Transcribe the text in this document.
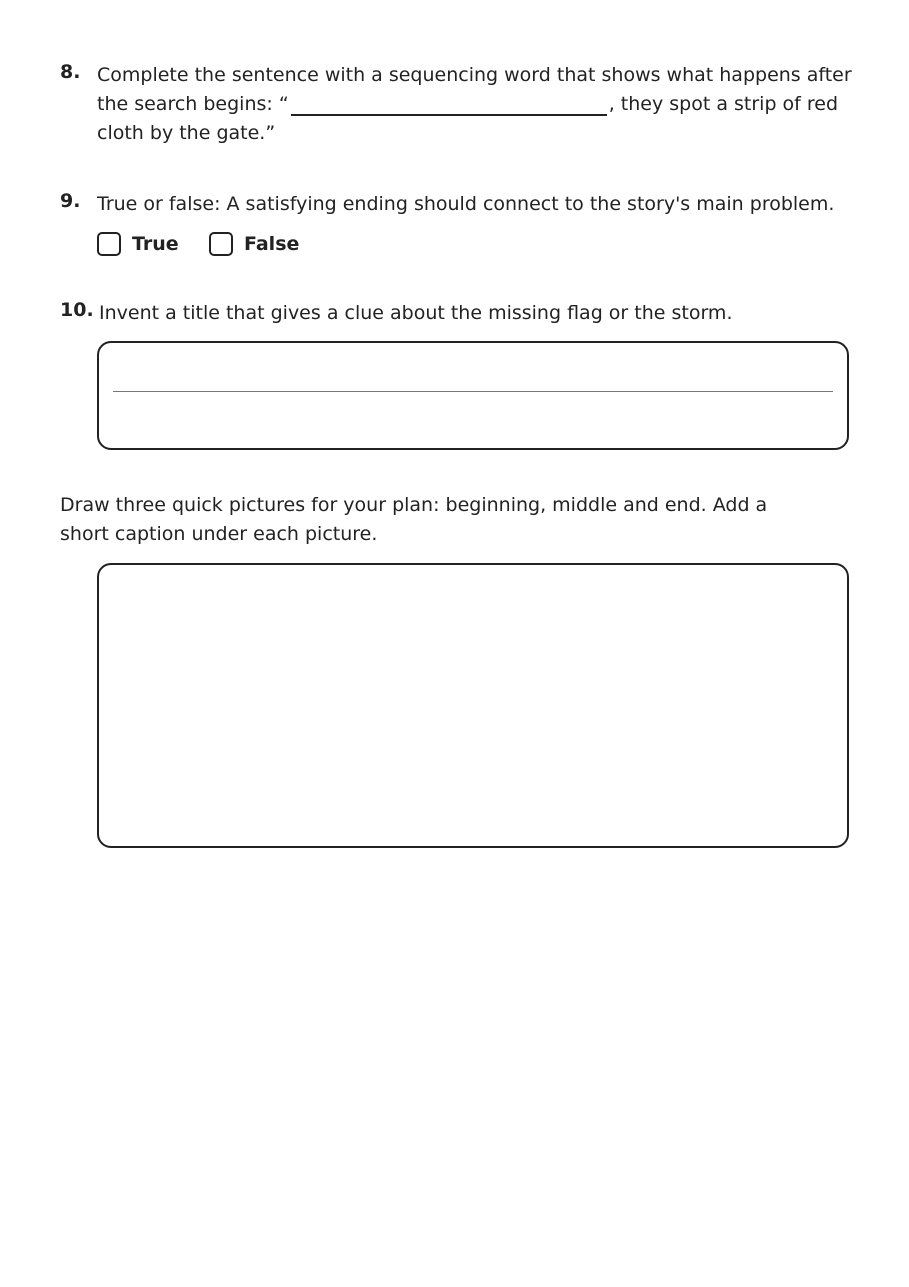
8. Complete the sentence with a sequencing word that shows what happens after the search begins: “	, they spot a strip of red cloth by the gate.”
9. True or false: A satisfying ending should connect to the story's main problem.
True	False
10. Invent a title that gives a clue about the missing flag or the storm.
Draw three quick pictures for your plan: beginning, middle and end. Add a short caption under each picture.
